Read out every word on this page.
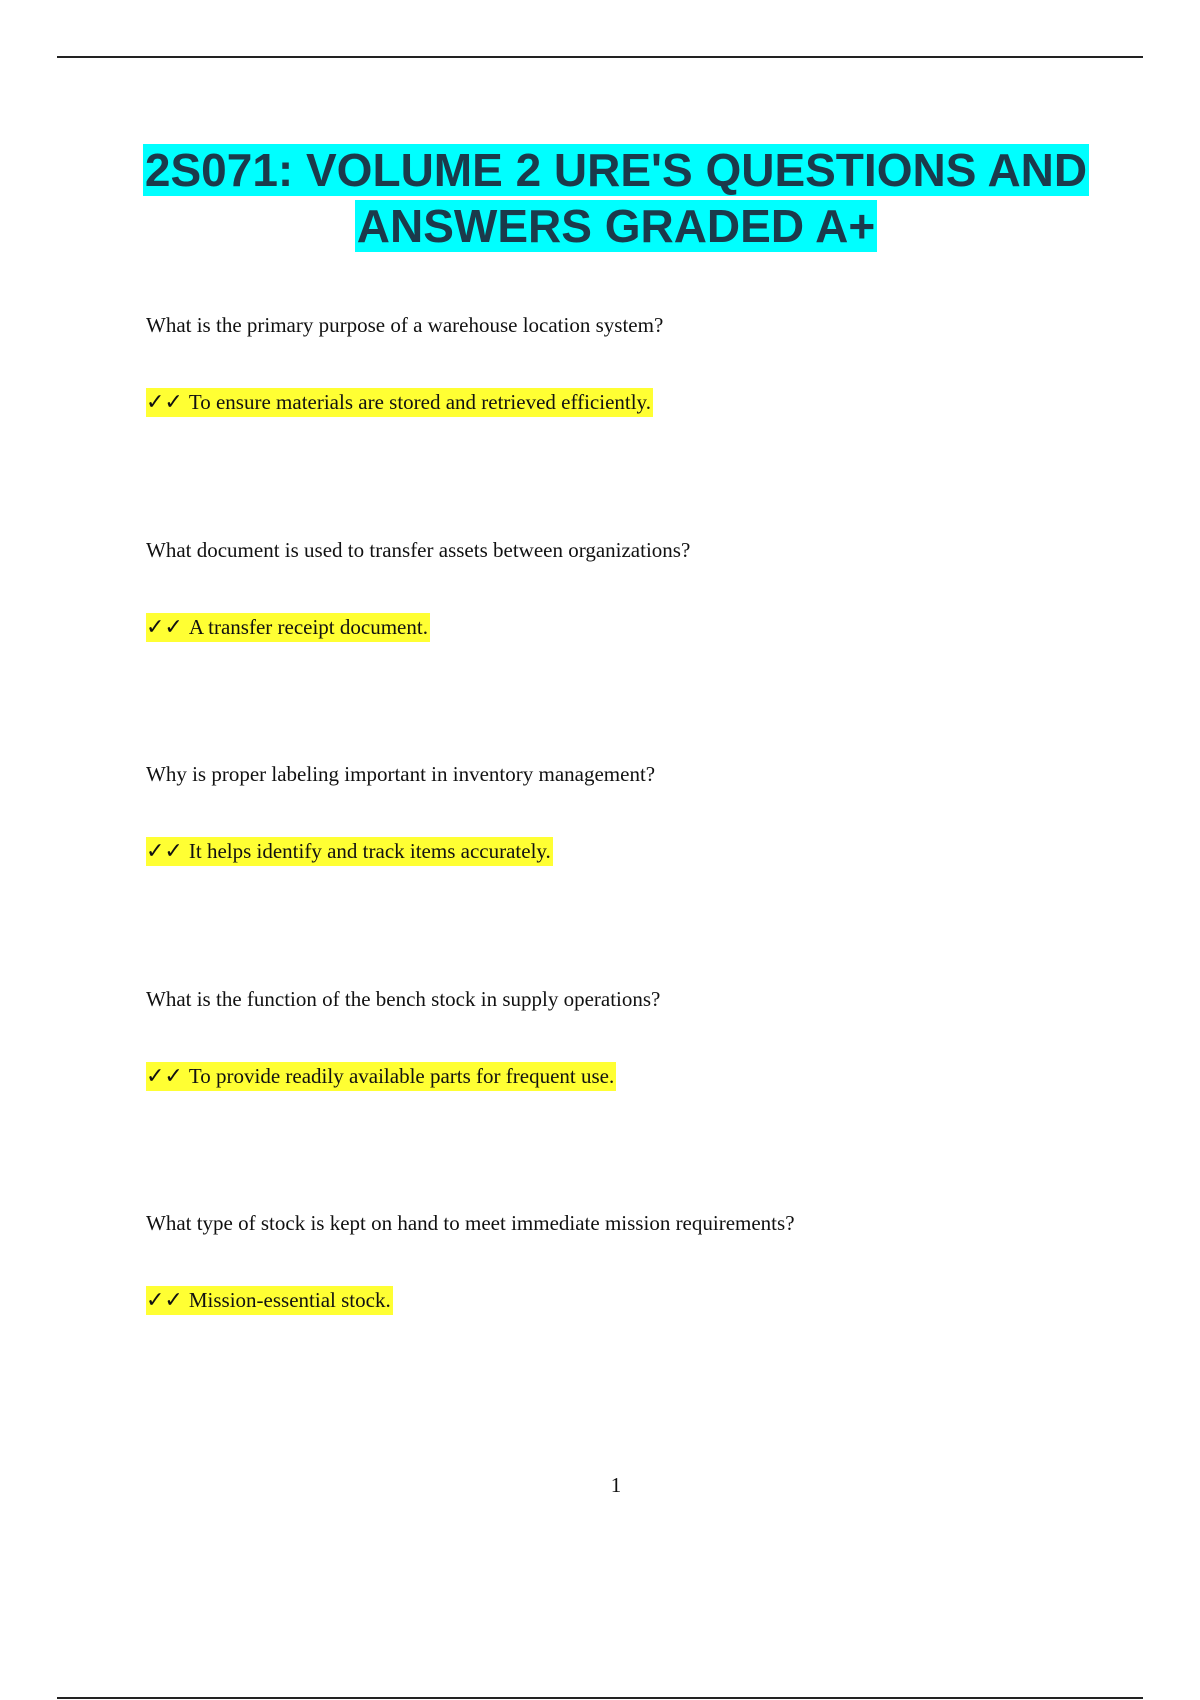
2S071: VOLUME 2 URE'S QUESTIONS AND ANSWERS GRADED A+
What is the primary purpose of a warehouse location system?
✓✓ To ensure materials are stored and retrieved efficiently.
What document is used to transfer assets between organizations?
✓✓ A transfer receipt document.
Why is proper labeling important in inventory management?
✓✓ It helps identify and track items accurately.
What is the function of the bench stock in supply operations?
✓✓ To provide readily available parts for frequent use.
What type of stock is kept on hand to meet immediate mission requirements?
✓✓ Mission-essential stock.
1
